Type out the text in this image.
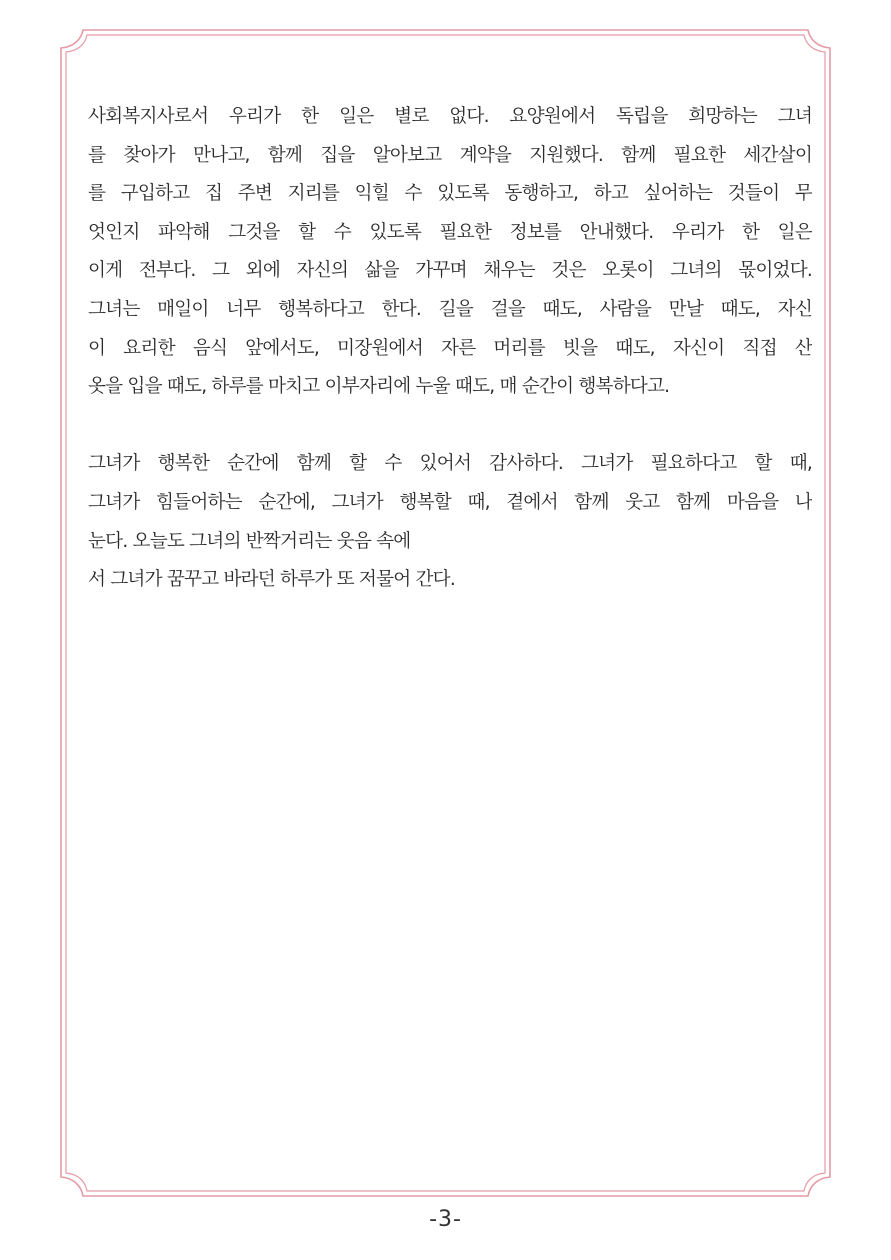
사회복지사로서 우리가 한 일은 별로 없다. 요양원에서 독립을 희망하는 그녀
를 찾아가 만나고, 함께 집을 알아보고 계약을 지원했다. 함께 필요한 세간살이
를 구입하고 집 주변 지리를 익힐 수 있도록 동행하고, 하고 싶어하는 것들이 무
엇인지 파악해 그것을 할 수 있도록 필요한 정보를 안내했다. 우리가 한 일은
이게 전부다. 그 외에 자신의 삶을 가꾸며 채우는 것은 오롯이 그녀의 몫이었다.
그녀는 매일이 너무 행복하다고 한다. 길을 걸을 때도, 사람을 만날 때도, 자신
이 요리한 음식 앞에서도, 미장원에서 자른 머리를 빗을 때도, 자신이 직접 산
옷을 입을 때도, 하루를 마치고 이부자리에 누울 때도, 매 순간이 행복하다고.
그녀가 행복한 순간에 함께 할 수 있어서 감사하다. 그녀가 필요하다고 할 때,
그녀가 힘들어하는 순간에, 그녀가 행복할 때, 곁에서 함께 웃고 함께 마음을 나
눈다. 오늘도 그녀의 반짝거리는 웃음 속에
서 그녀가 꿈꾸고 바라던 하루가 또 저물어 간다.
-3-
